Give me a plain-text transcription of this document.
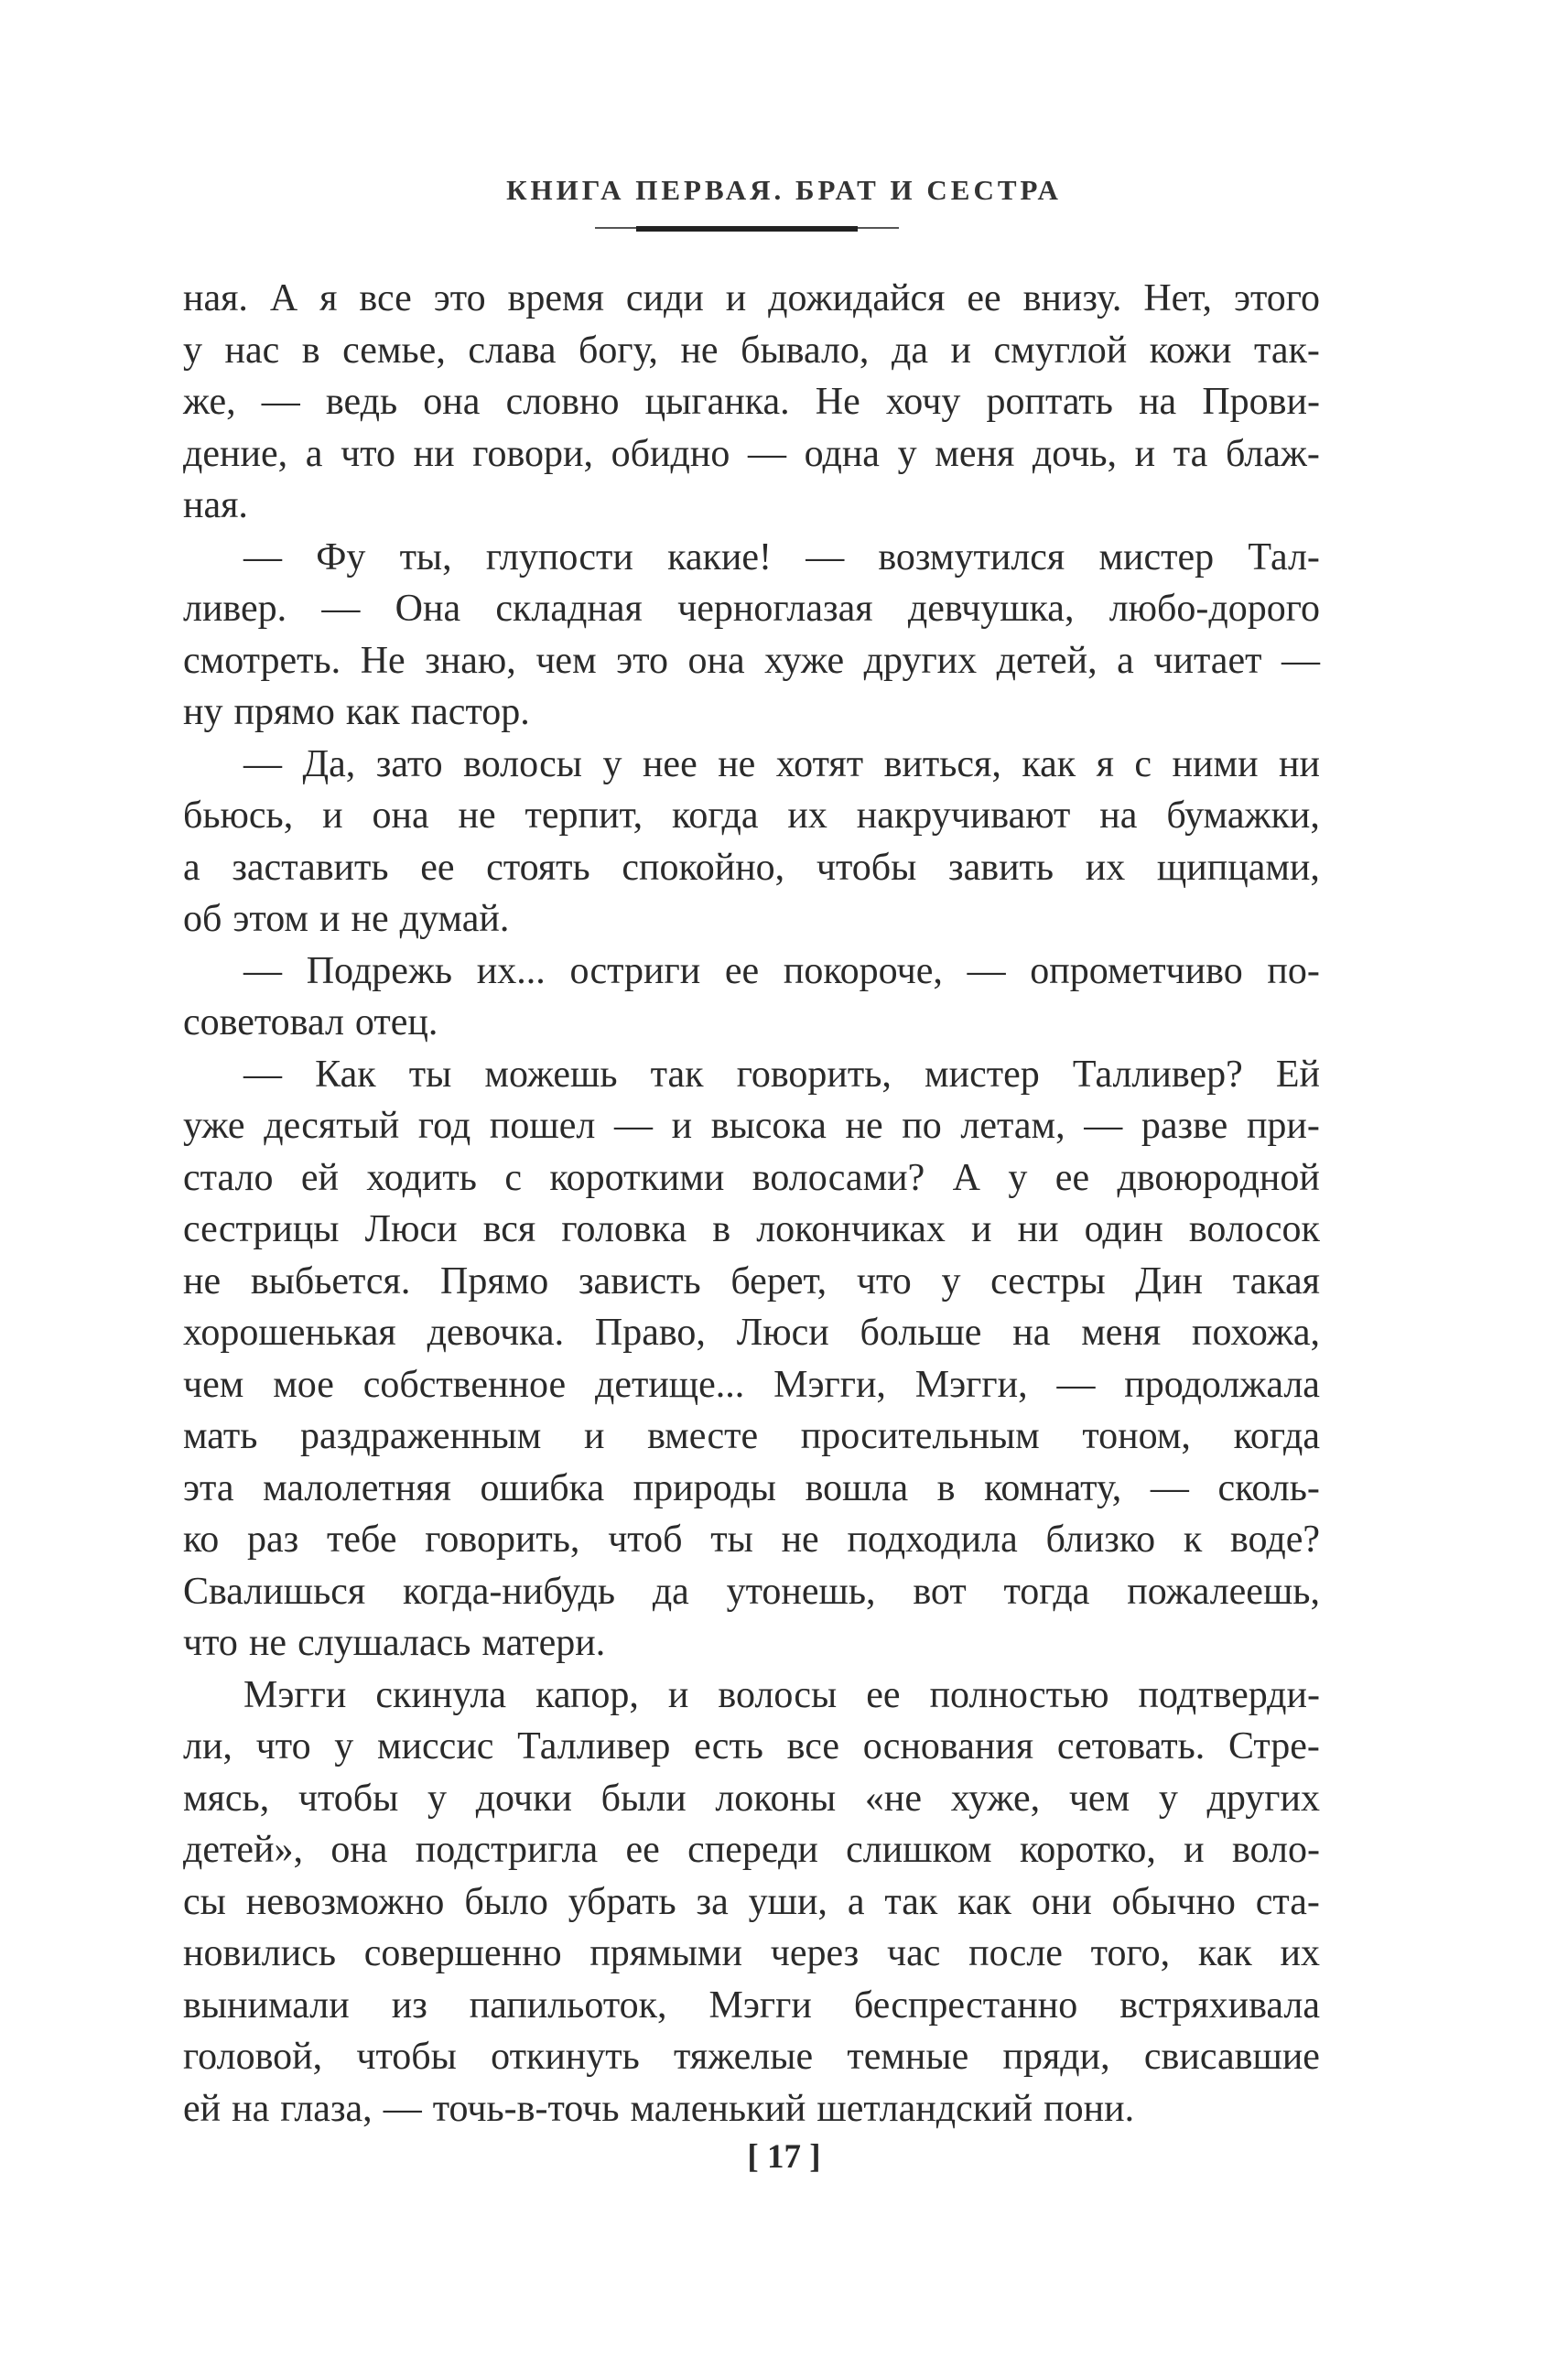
КНИГА ПЕРВАЯ. БРАТ И СЕСТРА
ная. А я все это время сиди и дожидайся ее внизу. Нет, этого
у нас в семье, слава богу, не бывало, да и смуглой кожи так-
же, — ведь она словно цыганка. Не хочу роптать на Прови-
дение, а что ни говори, обидно — одна у меня дочь, и та блаж-
ная.
— Фу ты, глупости какие! — возмутился мистер Тал-
ливер. — Она складная черноглазая девчушка, любо-дорого
смотреть. Не знаю, чем это она хуже других детей, а читает —
ну прямо как пастор.
— Да, зато волосы у нее не хотят виться, как я с ними ни
бьюсь, и она не терпит, когда их накручивают на бумажки,
а заставить ее стоять спокойно, чтобы завить их щипцами,
об этом и не думай.
— Подрежь их... остриги ее покороче, — опрометчиво по-
советовал отец.
— Как ты можешь так говорить, мистер Талливер? Ей
уже десятый год пошел — и высока не по летам, — разве при-
стало ей ходить с короткими волосами? А у ее двоюродной
сестрицы Люси вся головка в локончиках и ни один волосок
не выбьется. Прямо зависть берет, что у сестры Дин такая
хорошенькая девочка. Право, Люси больше на меня похожа,
чем мое собственное детище... Мэгги, Мэгги, — продолжала
мать раздраженным и вместе просительным тоном, когда
эта малолетняя ошибка природы вошла в комнату, — сколь-
ко раз тебе говорить, чтоб ты не подходила близко к воде?
Свалишься когда-нибудь да утонешь, вот тогда пожалеешь,
что не слушалась матери.
Мэгги скинула капор, и волосы ее полностью подтверди-
ли, что у миссис Талливер есть все основания сетовать. Стре-
мясь, чтобы у дочки были локоны «не хуже, чем у других
детей», она подстригла ее спереди слишком коротко, и воло-
сы невозможно было убрать за уши, а так как они обычно ста-
новились совершенно прямыми через час после того, как их
вынимали из папильоток, Мэгги беспрестанно встряхивала
головой, чтобы откинуть тяжелые темные пряди, свисавшие
ей на глаза, — точь-в-точь маленький шетландский пони.
[ 17 ]
